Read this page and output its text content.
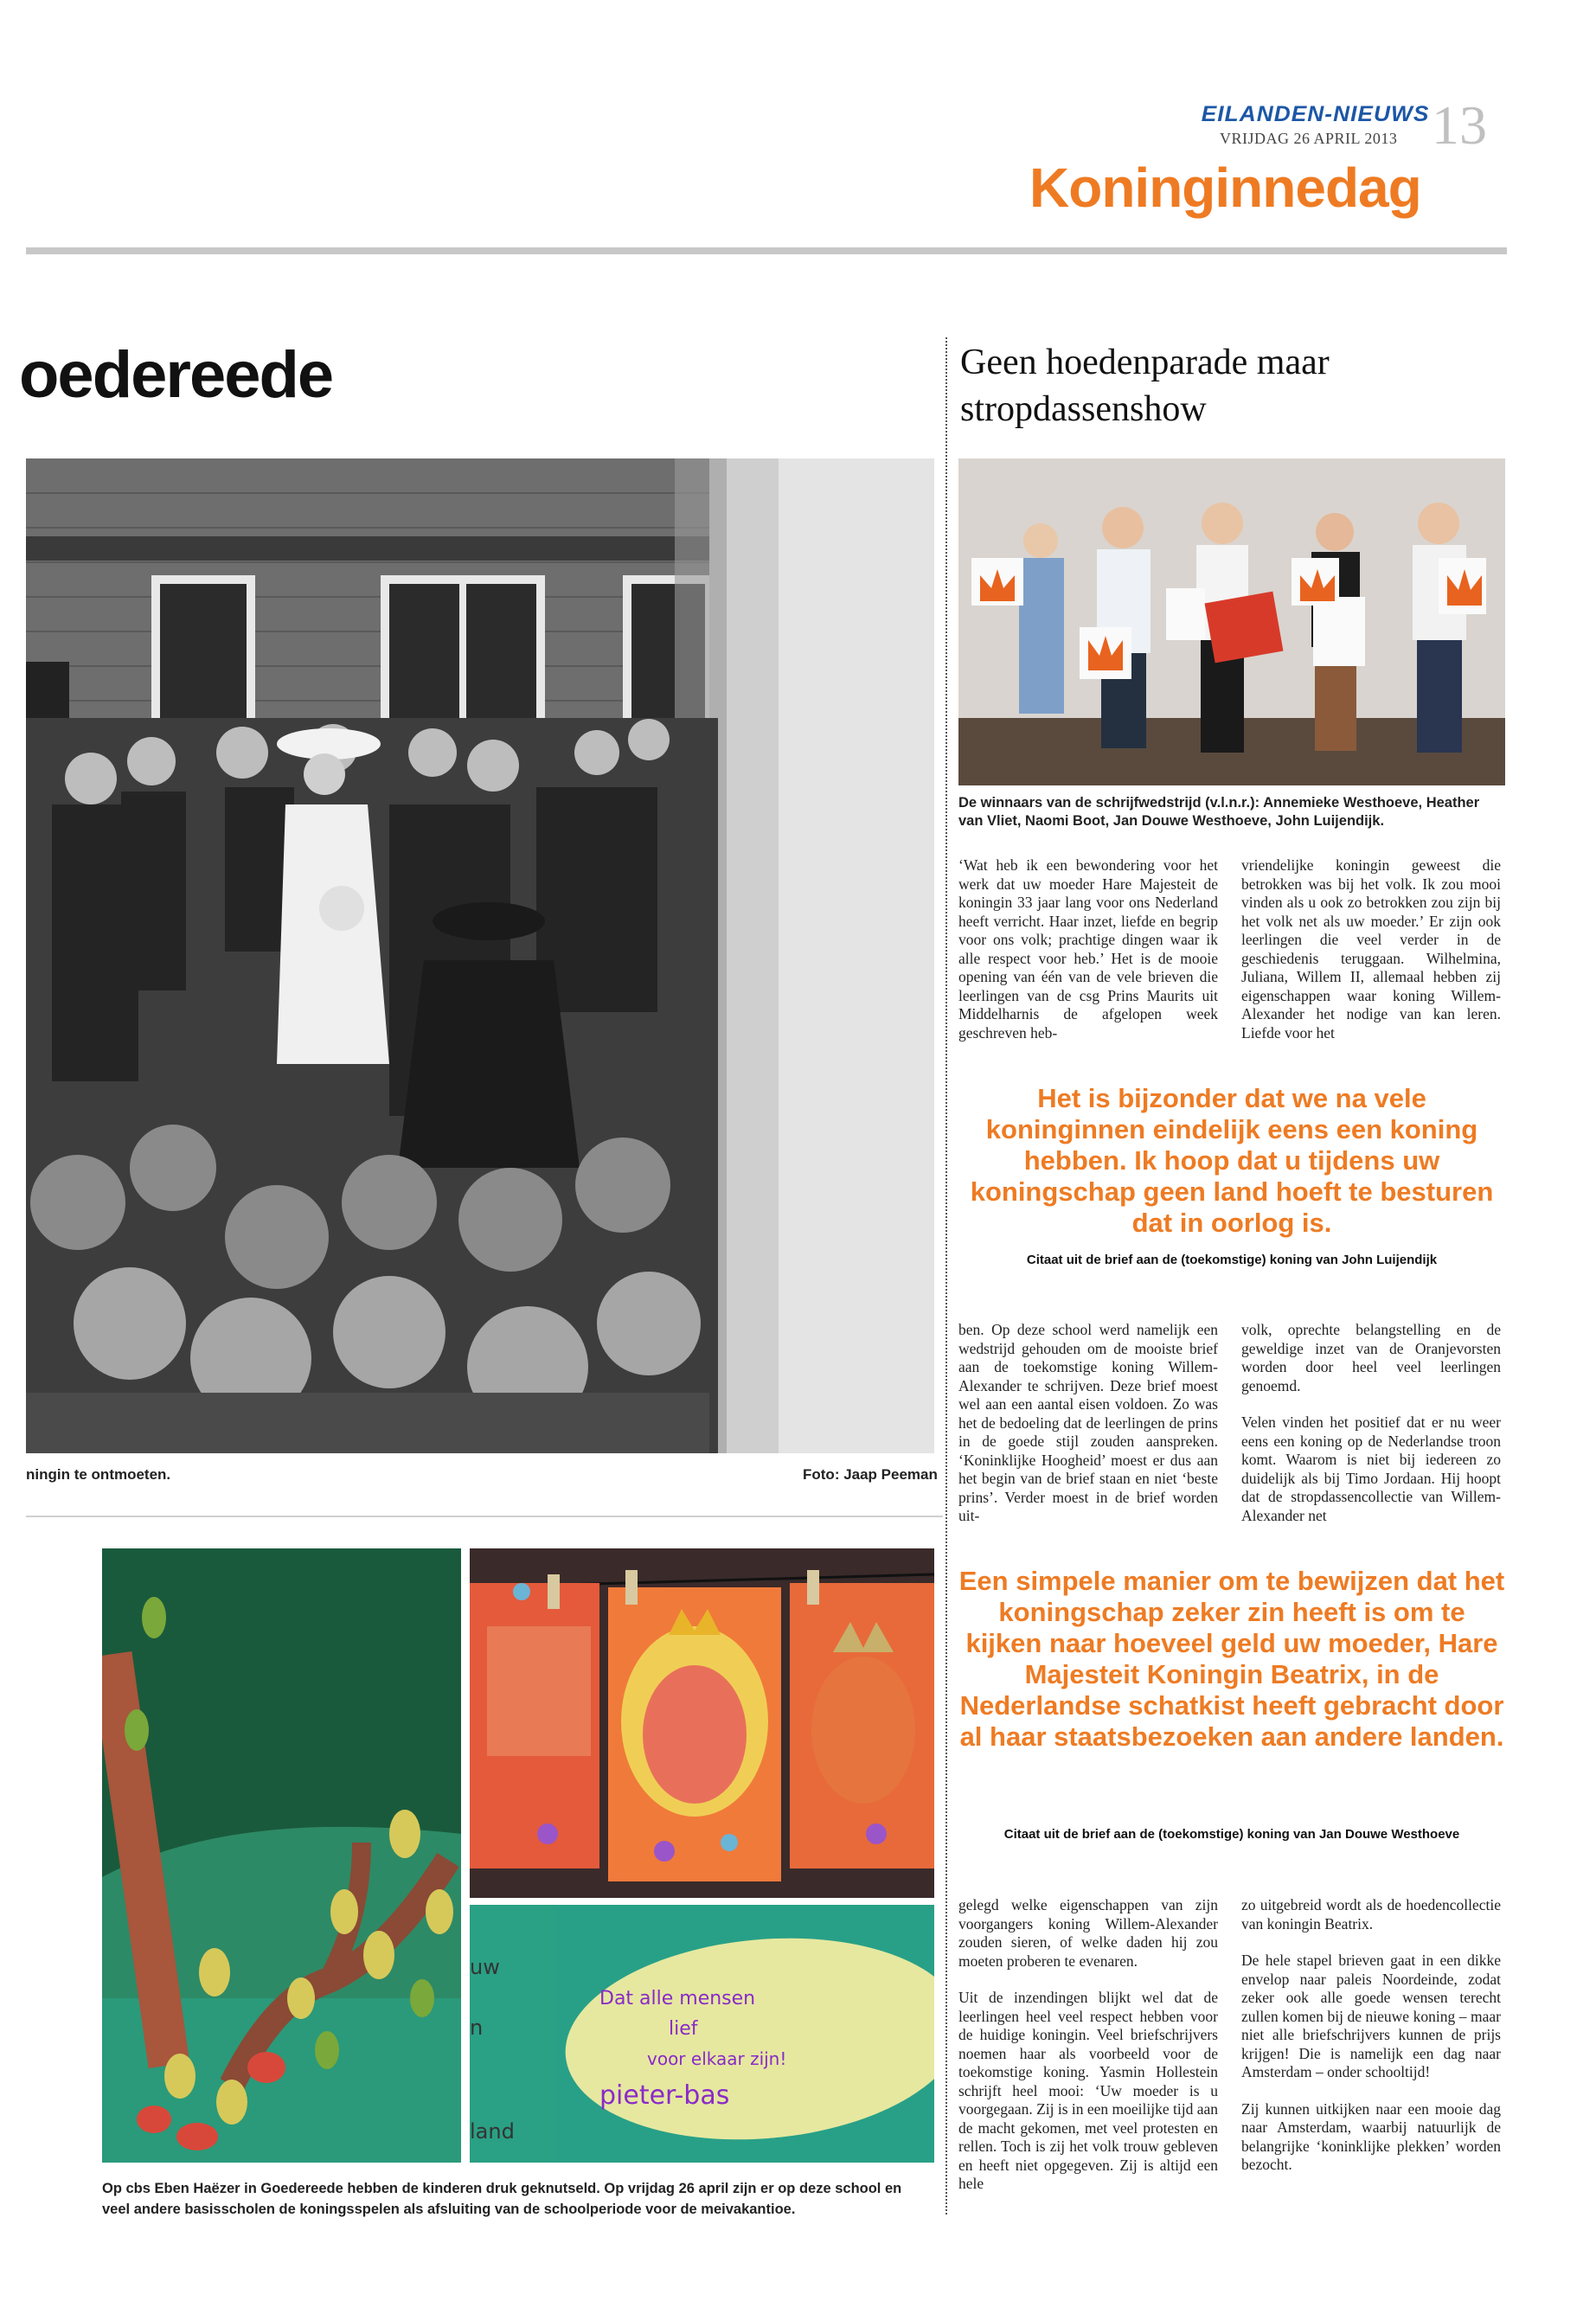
EILANDEN-NIEUWS
VRIJDAG 26 APRIL 2013 13
Koninginnedag
oedereede
ningin te ontmoeten.	Foto: Jaap Peeman
Dat alle mensen
lief
voor elkaar zijn!
pieter-bas
uw
n
land
Op cbs Eben Haëzer in Goedereede hebben de kinderen druk geknutseld. Op vrijdag 26 april zijn er op deze school en veel andere basisscholen de koningsspelen als afsluiting van de schoolperiode voor de meivakantioe.
Geen hoedenparade maar stropdassenshow
De winnaars van de schrijfwedstrijd (v.l.n.r.): Annemieke Westhoeve, Heather van Vliet, Naomi Boot, Jan Douwe Westhoeve, John Luijendijk.

‘Wat heb ik een bewondering voor het werk dat uw moeder Hare Majesteit de koningin 33 jaar lang voor ons Nederland heeft verricht. Haar inzet, liefde en begrip voor ons volk; prachtige dingen waar ik alle respect voor heb.’ Het is de mooie opening van één van de vele brieven die leerlingen van de csg Prins Maurits uit Middelharnis de afgelopen week geschreven heb-

vriendelijke koningin geweest die betrokken was bij het volk. Ik zou mooi vinden als u ook zo betrokken zou zijn bij het volk net als uw moeder.’ Er zijn ook leerlingen die veel verder in de geschiedenis teruggaan. Wilhelmina, Juliana, Willem II, allemaal hebben zij eigenschappen waar koning Willem-Alexander het nodige van kan leren. Liefde voor het

Het is bijzonder dat we na vele koninginnen eindelijk eens een koning hebben. Ik hoop dat u tijdens uw koningschap geen land hoeft te besturen dat in oorlog is.
Citaat uit de brief aan de (toekomstige) koning van John Luijendijk

ben. Op deze school werd namelijk een wedstrijd gehouden om de mooiste brief aan de toekomstige koning Willem-Alexander te schrijven. Deze brief moest wel aan een aantal eisen voldoen. Zo was het de bedoeling dat de leerlingen de prins in de goede stijl zouden aanspreken. ‘Koninklijke Hoogheid’ moest er dus aan het begin van de brief staan en niet ‘beste prins’. Verder moest in de brief worden uit-

volk, oprechte belangstelling en de geweldige inzet van de Oranjevorsten worden door heel veel leerlingen genoemd.

Velen vinden het positief dat er nu weer eens een koning op de Nederlandse troon komt. Waarom is niet bij iedereen zo duidelijk als bij Timo Jordaan. Hij hoopt dat de stropdassencollectie van Willem-Alexander net

Een simpele manier om te bewijzen dat het koningschap zeker zin heeft is om te kijken naar hoeveel geld uw moeder, Hare Majesteit Koningin Beatrix, in de Nederlandse schatkist heeft gebracht door al haar staatsbezoeken aan andere landen.
Citaat uit de brief aan de (toekomstige) koning van Jan Douwe Westhoeve

gelegd welke eigenschappen van zijn voorgangers koning Willem-Alexander zouden sieren, of welke daden hij zou moeten proberen te evenaren.

Uit de inzendingen blijkt wel dat de leerlingen heel veel respect hebben voor de huidige koningin. Veel briefschrijvers noemen haar als voorbeeld voor de toekomstige koning. Yasmin Hollestein schrijft heel mooi: ‘Uw moeder is u voorgegaan. Zij is in een moeilijke tijd aan de macht gekomen, met veel protesten en rellen. Toch is zij het volk trouw gebleven en heeft niet opgegeven. Zij is altijd een hele

zo uitgebreid wordt als de hoedencollectie van koningin Beatrix.

De hele stapel brieven gaat in een dikke envelop naar paleis Noordeinde, zodat zeker ook alle goede wensen terecht zullen komen bij de nieuwe koning – maar niet alle briefschrijvers kunnen de prijs krijgen! Die is namelijk een dag naar Amsterdam – onder schooltijd!

Zij kunnen uitkijken naar een mooie dag naar Amsterdam, waarbij natuurlijk de belangrijke ‘koninklijke plekken’ worden bezocht.
